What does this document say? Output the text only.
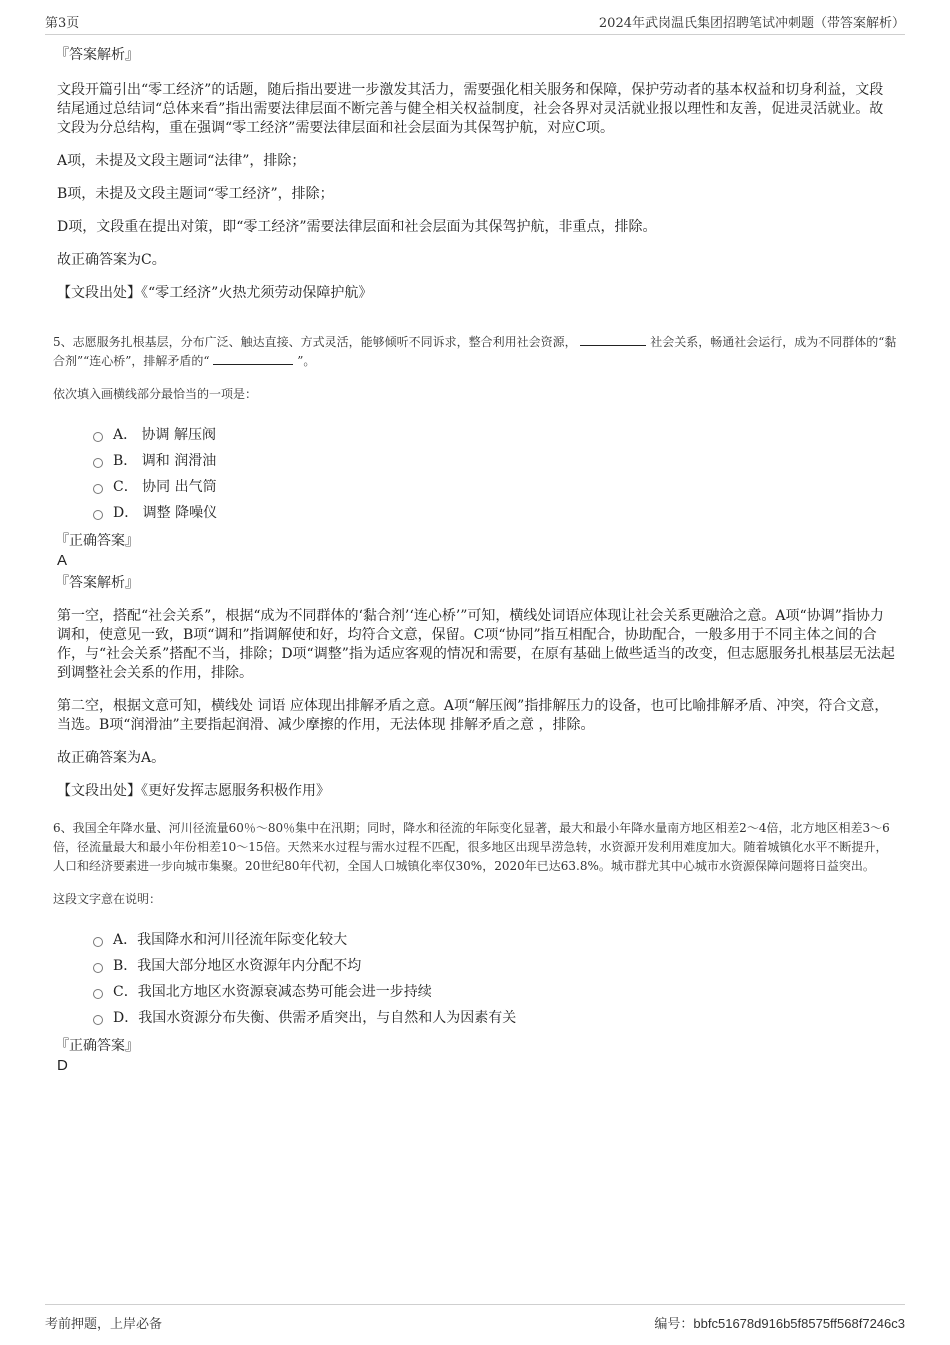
第3页	2024年武岗温氏集团招聘笔试冲刺题（带答案解析）

『答案解析』

文段开篇引出“零工经济”的话题，随后指出要进一步激发其活力，需要强化相关服务和保障，保护劳动者的基本权益和切身利益，文段结尾通过总结词“总体来看”指出需要法律层面不断完善与健全相关权益制度，社会各界对灵活就业报以理性和友善，促进灵活就业。故文段为分总结构，重在强调“零工经济”需要法律层面和社会层面为其保驾护航，对应C项。

A项，未提及文段主题词“法律”，排除；

B项，未提及文段主题词“零工经济”，排除；

D项，文段重在提出对策，即“零工经济”需要法律层面和社会层面为其保驾护航，非重点，排除。

故正确答案为C。

【文段出处】《“零工经济”火热尤须劳动保障护航》

5、志愿服务扎根基层，分布广泛、触达直接、方式灵活，能够倾听不同诉求，整合利用社会资源，	社会关系，畅通社会运行，成为不同群体的“黏合剂”“连心桥”，排解矛盾的“	”。

依次填入画横线部分最恰当的一项是：

A． 协调 解压阀
B． 调和 润滑油
C． 协同 出气筒
D． 调整 降噪仪

『正确答案』

A

『答案解析』

第一空，搭配“社会关系”，根据“成为不同群体的‘黏合剂’‘连心桥’”可知，横线处词语应体现让社会关系更融洽之意。A项“协调”指协力调和，使意见一致，B项“调和”指调解使和好，均符合文意，保留。C项“协同”指互相配合，协助配合，一般多用于不同主体之间的合作，与“社会关系”搭配不当，排除；D项“调整”指为适应客观的情况和需要，在原有基础上做些适当的改变，但志愿服务扎根基层无法起到调整社会关系的作用，排除。

第二空，根据文意可知，横线处 词语 应体现出排解矛盾之意。A项“解压阀”指排解压力的设备，也可比喻排解矛盾、冲突，符合文意，当选。B项“润滑油”主要指起润滑、减少摩擦的作用，无法体现 排解矛盾之意 ，排除。

故正确答案为A。

【文段出处】《更好发挥志愿服务积极作用》

6、我国全年降水量、河川径流量60％～80％集中在汛期；同时，降水和径流的年际变化显著，最大和最小年降水量南方地区相差2～4倍，北方地区相差3～6倍，径流量最大和最小年份相差10～15倍。天然来水过程与需水过程不匹配，很多地区出现旱涝急转，水资源开发利用难度加大。随着城镇化水平不断提升，人口和经济要素进一步向城市集聚。20世纪80年代初，全国人口城镇化率仅30%，2020年已达63.8%。城市群尤其中心城市水资源保障问题将日益突出。

这段文字意在说明：

A．我国降水和河川径流年际变化较大
B．我国大部分地区水资源年内分配不均
C．我国北方地区水资源衰减态势可能会进一步持续
D．我国水资源分布失衡、供需矛盾突出，与自然和人为因素有关

『正确答案』

D

考前押题，上岸必备	编号：bbfc51678d916b5f8575ff568f7246c3
